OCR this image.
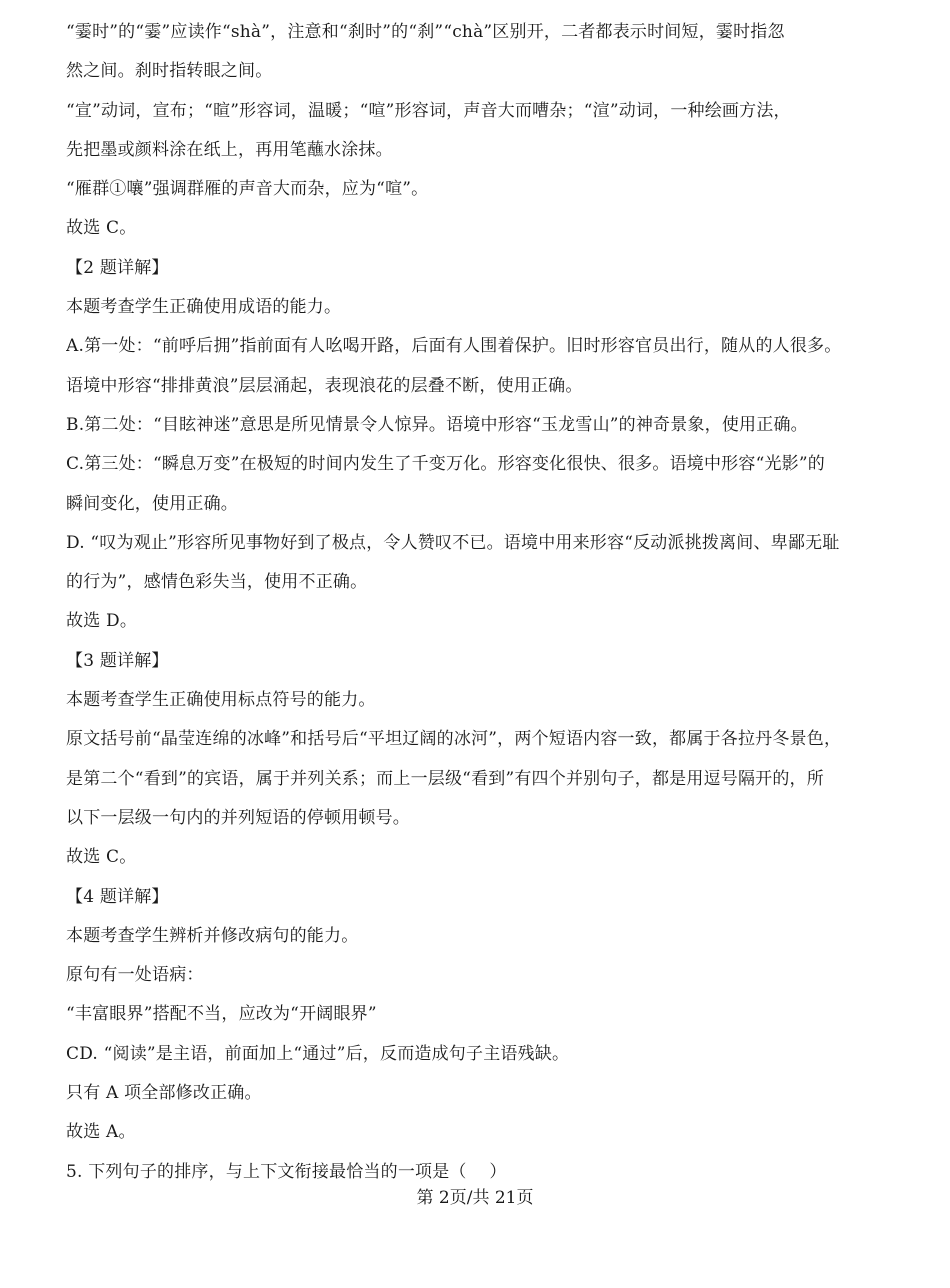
“霎时”的“霎”应读作“shà”，注意和“刹时”的“刹”“chà”区别开，二者都表示时间短，霎时指忽
然之间。刹时指转眼之间。
“宣”动词，宣布；“暄”形容词，温暖；“喧”形容词，声音大而嘈杂；“渲”动词，一种绘画方法，
先把墨或颜料涂在纸上，再用笔蘸水涂抹。
“雁群①嚷”强调群雁的声音大而杂，应为“喧”。
故选 C。
【2 题详解】
本题考查学生正确使用成语的能力。
A.第一处：“前呼后拥”指前面有人吆喝开路，后面有人围着保护。旧时形容官员出行，随从的人很多。
语境中形容“排排黄浪”层层涌起，表现浪花的层叠不断，使用正确。
B.第二处：“目眩神迷”意思是所见情景令人惊异。语境中形容“玉龙雪山”的神奇景象，使用正确。
C.第三处：“瞬息万变”在极短的时间内发生了千变万化。形容变化很快、很多。语境中形容“光影”的
瞬间变化，使用正确。
D. “叹为观止”形容所见事物好到了极点，令人赞叹不已。语境中用来形容“反动派挑拨离间、卑鄙无耻
的行为”，感情色彩失当，使用不正确。
故选 D。
【3 题详解】
本题考查学生正确使用标点符号的能力。
原文括号前“晶莹连绵的冰峰”和括号后“平坦辽阔的冰河”，两个短语内容一致，都属于各拉丹冬景色，
是第二个“看到”的宾语，属于并列关系；而上一层级“看到”有四个并别句子，都是用逗号隔开的，所
以下一层级一句内的并列短语的停顿用顿号。
故选 C。
【4 题详解】
本题考查学生辨析并修改病句的能力。
原句有一处语病：
“丰富眼界”搭配不当，应改为“开阔眼界”
CD. “阅读”是主语，前面加上“通过”后，反而造成句子主语残缺。
只有 A 项全部修改正确。
故选 A。
5. 下列句子的排序，与上下文衔接最恰当的一项是（　 ）
第 2页/共 21页
